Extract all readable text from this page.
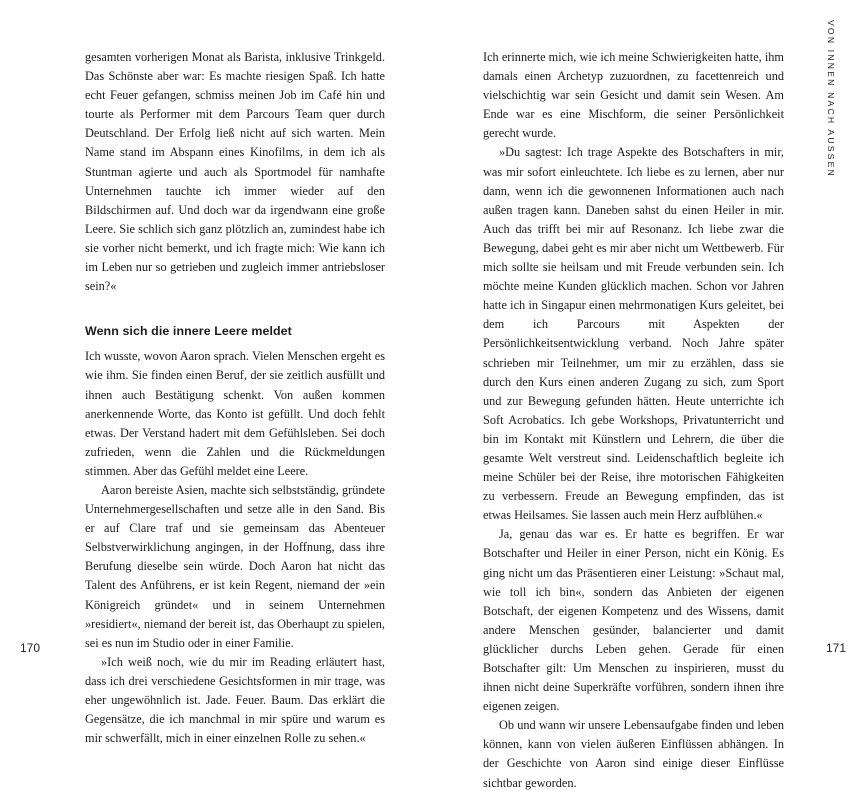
gesamten vorherigen Monat als Barista, inklusive Trinkgeld. Das Schönste aber war: Es machte riesigen Spaß. Ich hatte echt Feuer gefangen, schmiss meinen Job im Café hin und tourte als Performer mit dem Parcours Team quer durch Deutschland. Der Erfolg ließ nicht auf sich warten. Mein Name stand im Abspann eines Kinofilms, in dem ich als Stuntman agierte und auch als Sportmodel für namhafte Unternehmen tauchte ich immer wieder auf den Bildschirmen auf. Und doch war da irgendwann eine große Leere. Sie schlich sich ganz plötzlich an, zumindest habe ich sie vorher nicht bemerkt, und ich fragte mich: Wie kann ich im Leben nur so getrieben und zugleich immer antriebsloser sein?«

Wenn sich die innere Leere meldet

Ich wusste, wovon Aaron sprach. Vielen Menschen ergeht es wie ihm. Sie finden einen Beruf, der sie zeitlich ausfüllt und ihnen auch Bestätigung schenkt. Von außen kommen anerkennende Worte, das Konto ist gefüllt. Und doch fehlt etwas. Der Verstand hadert mit dem Gefühlsleben. Sei doch zufrieden, wenn die Zahlen und die Rückmeldungen stimmen. Aber das Gefühl meldet eine Leere.

Aaron bereiste Asien, machte sich selbstständig, gründete Unternehmergesellschaften und setze alle in den Sand. Bis er auf Clare traf und sie gemeinsam das Abenteuer Selbstverwirklichung angingen, in der Hoffnung, dass ihre Berufung dieselbe sein würde. Doch Aaron hat nicht das Talent des Anführens, er ist kein Regent, niemand der »ein Königreich gründet« und in seinem Unternehmen »residiert«, niemand der bereit ist, das Oberhaupt zu spielen, sei es nun im Studio oder in einer Familie.

»Ich weiß noch, wie du mir im Reading erläutert hast, dass ich drei verschiedene Gesichtsformen in mir trage, was eher ungewöhnlich ist. Jade. Feuer. Baum. Das erklärt die Gegensätze, die ich manchmal in mir spüre und warum es mir schwerfällt, mich in einer einzelnen Rolle zu sehen.«

170

Ich erinnerte mich, wie ich meine Schwierigkeiten hatte, ihm damals einen Archetyp zuzuordnen, zu facettenreich und vielschichtig war sein Gesicht und damit sein Wesen. Am Ende war es eine Mischform, die seiner Persönlichkeit gerecht wurde.

»Du sagtest: Ich trage Aspekte des Botschafters in mir, was mir sofort einleuchtete. Ich liebe es zu lernen, aber nur dann, wenn ich die gewonnenen Informationen auch nach außen tragen kann. Daneben sahst du einen Heiler in mir. Auch das trifft bei mir auf Resonanz. Ich liebe zwar die Bewegung, dabei geht es mir aber nicht um Wettbewerb. Für mich sollte sie heilsam und mit Freude verbunden sein. Ich möchte meine Kunden glücklich machen. Schon vor Jahren hatte ich in Singapur einen mehrmonatigen Kurs geleitet, bei dem ich Parcours mit Aspekten der Persönlichkeitsentwicklung verband. Noch Jahre später schrieben mir Teilnehmer, um mir zu erzählen, dass sie durch den Kurs einen anderen Zugang zu sich, zum Sport und zur Bewegung gefunden hätten. Heute unterrichte ich Soft Acrobatics. Ich gebe Workshops, Privatunterricht und bin im Kontakt mit Künstlern und Lehrern, die über die gesamte Welt verstreut sind. Leidenschaftlich begleite ich meine Schüler bei der Reise, ihre motorischen Fähigkeiten zu verbessern. Freude an Bewegung empfinden, das ist etwas Heilsames. Sie lassen auch mein Herz aufblühen.«

Ja, genau das war es. Er hatte es begriffen. Er war Botschafter und Heiler in einer Person, nicht ein König. Es ging nicht um das Präsentieren einer Leistung: »Schaut mal, wie toll ich bin«, sondern das Anbieten der eigenen Botschaft, der eigenen Kompetenz und des Wissens, damit andere Menschen gesünder, balancierter und damit glücklicher durchs Leben gehen. Gerade für einen Botschafter gilt: Um Menschen zu inspirieren, musst du ihnen nicht deine Superkräfte vorführen, sondern ihnen ihre eigenen zeigen.

Ob und wann wir unsere Lebensaufgabe finden und leben können, kann von vielen äußeren Einflüssen abhängen. In der Geschichte von Aaron sind einige dieser Einflüsse sichtbar geworden.

171
VON INNEN NACH AUSSEN
